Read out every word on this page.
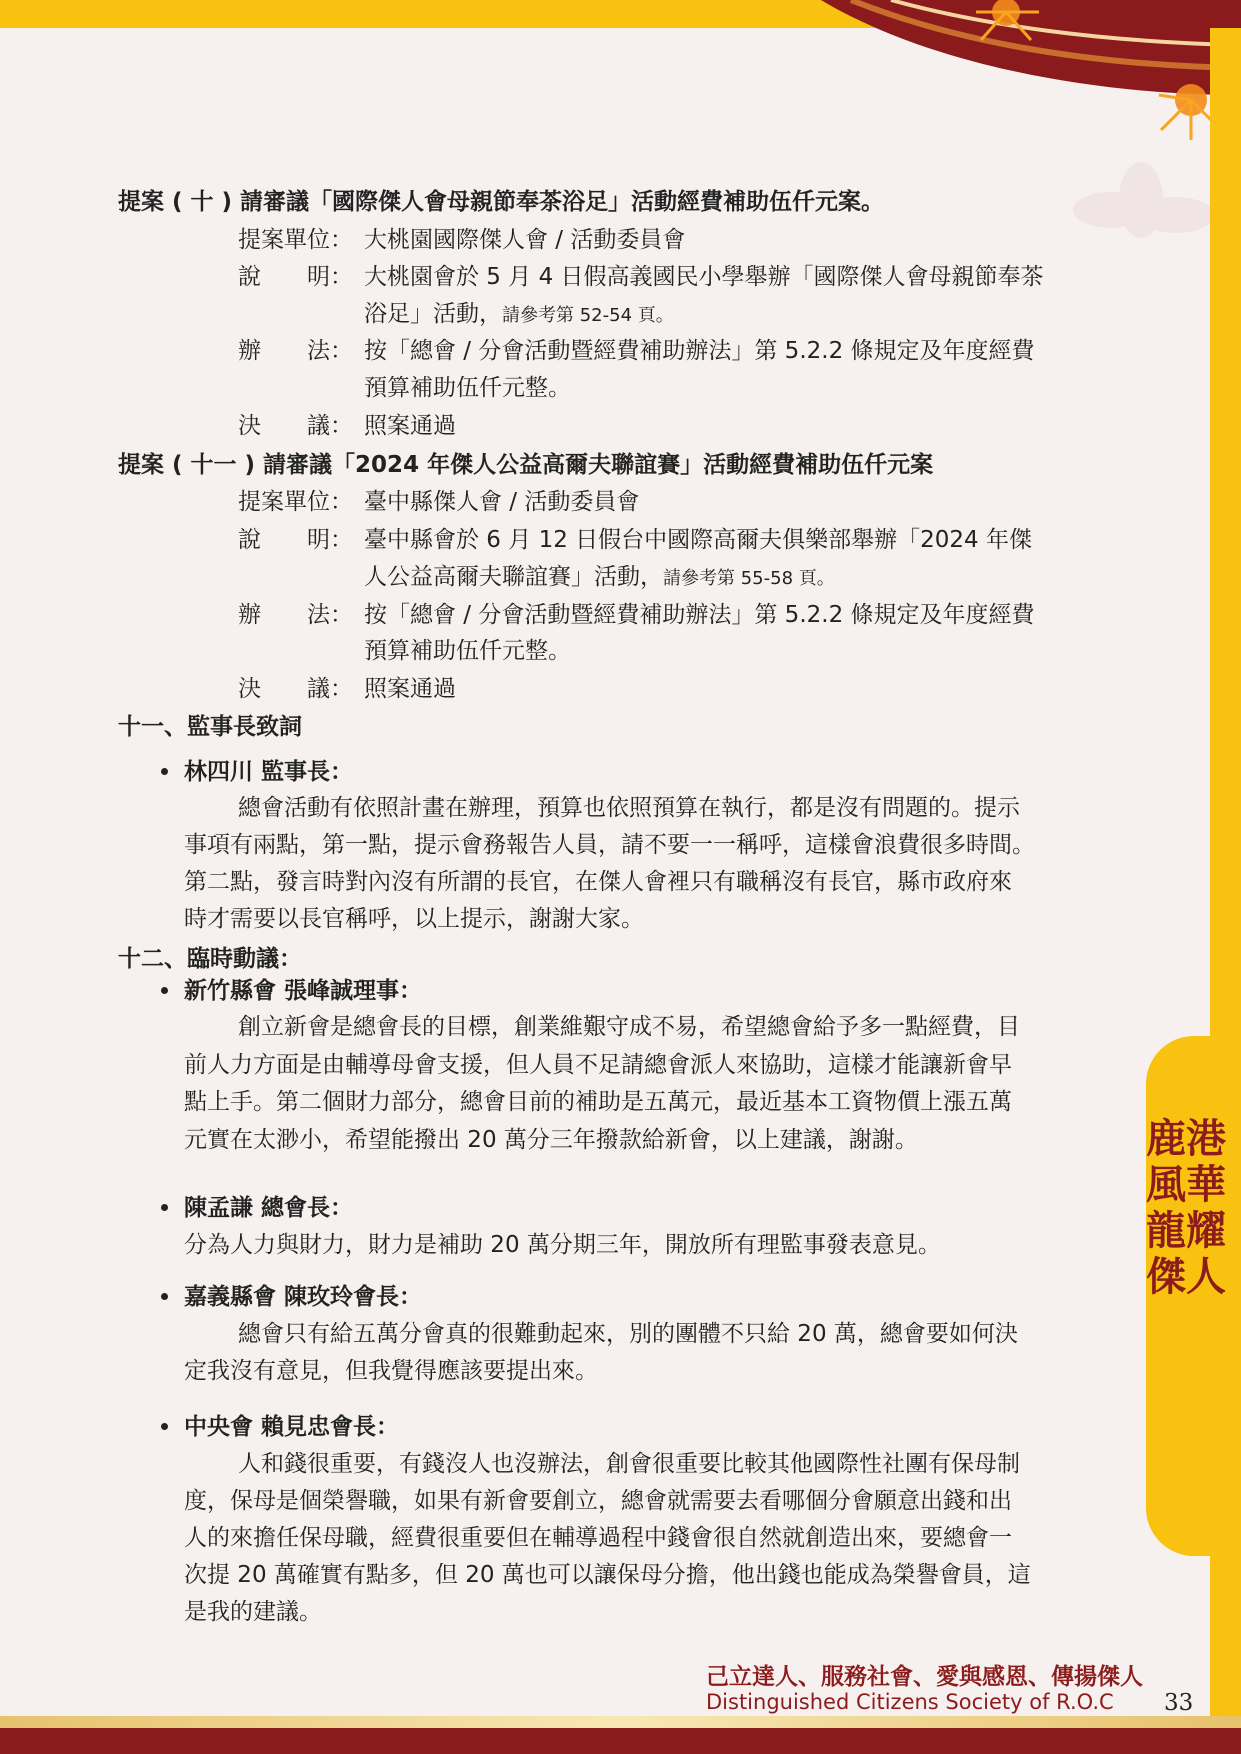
鹿港風華
龍耀傑人
提案 ( 十 ) 請審議「國際傑人會母親節奉茶浴足」活動經費補助伍仟元案。
提案單位： 大桃園國際傑人會 / 活動委員會
說　　明： 大桃園會於 5 月 4 日假高義國民小學舉辦「國際傑人會母親節奉茶
浴足」活動，請參考第 52-54 頁。
辦　　法： 按「總會 / 分會活動暨經費補助辦法」第 5.2.2 條規定及年度經費
預算補助伍仟元整。
決　　議： 照案通過
提案 ( 十一 ) 請審議「2024 年傑人公益高爾夫聯誼賽」活動經費補助伍仟元案
提案單位： 臺中縣傑人會 / 活動委員會
說　　明： 臺中縣會於 6 月 12 日假台中國際高爾夫俱樂部舉辦「2024 年傑
人公益高爾夫聯誼賽」活動，請參考第 55-58 頁。
辦　　法： 按「總會 / 分會活動暨經費補助辦法」第 5.2.2 條規定及年度經費
預算補助伍仟元整。
決　　議： 照案通過
十一、監事長致詞
林四川 監事長：
總會活動有依照計畫在辦理，預算也依照預算在執行，都是沒有問題的。提示
事項有兩點，第一點，提示會務報告人員，請不要一一稱呼，這樣會浪費很多時間。
第二點，發言時對內沒有所謂的長官，在傑人會裡只有職稱沒有長官，縣市政府來
時才需要以長官稱呼，以上提示，謝謝大家。
十二、臨時動議：
新竹縣會 張峰誠理事：
創立新會是總會長的目標，創業維艱守成不易，希望總會給予多一點經費，目
前人力方面是由輔導母會支援，但人員不足請總會派人來協助，這樣才能讓新會早
點上手。第二個財力部分，總會目前的補助是五萬元，最近基本工資物價上漲五萬
元實在太渺小，希望能撥出 20 萬分三年撥款給新會，以上建議，謝謝。
陳孟謙 總會長：
分為人力與財力，財力是補助 20 萬分期三年，開放所有理監事發表意見。
嘉義縣會 陳玫玲會長：
總會只有給五萬分會真的很難動起來，別的團體不只給 20 萬，總會要如何決
定我沒有意見，但我覺得應該要提出來。
中央會 賴見忠會長：
人和錢很重要，有錢沒人也沒辦法，創會很重要比較其他國際性社團有保母制
度，保母是個榮譽職，如果有新會要創立，總會就需要去看哪個分會願意出錢和出
人的來擔任保母職，經費很重要但在輔導過程中錢會很自然就創造出來，要總會一
次提 20 萬確實有點多，但 20 萬也可以讓保母分擔，他出錢也能成為榮譽會員，這
是我的建議。
己立達人、服務社會、愛與感恩、傳揚傑人
Distinguished Citizens Society of R.O.C 33
